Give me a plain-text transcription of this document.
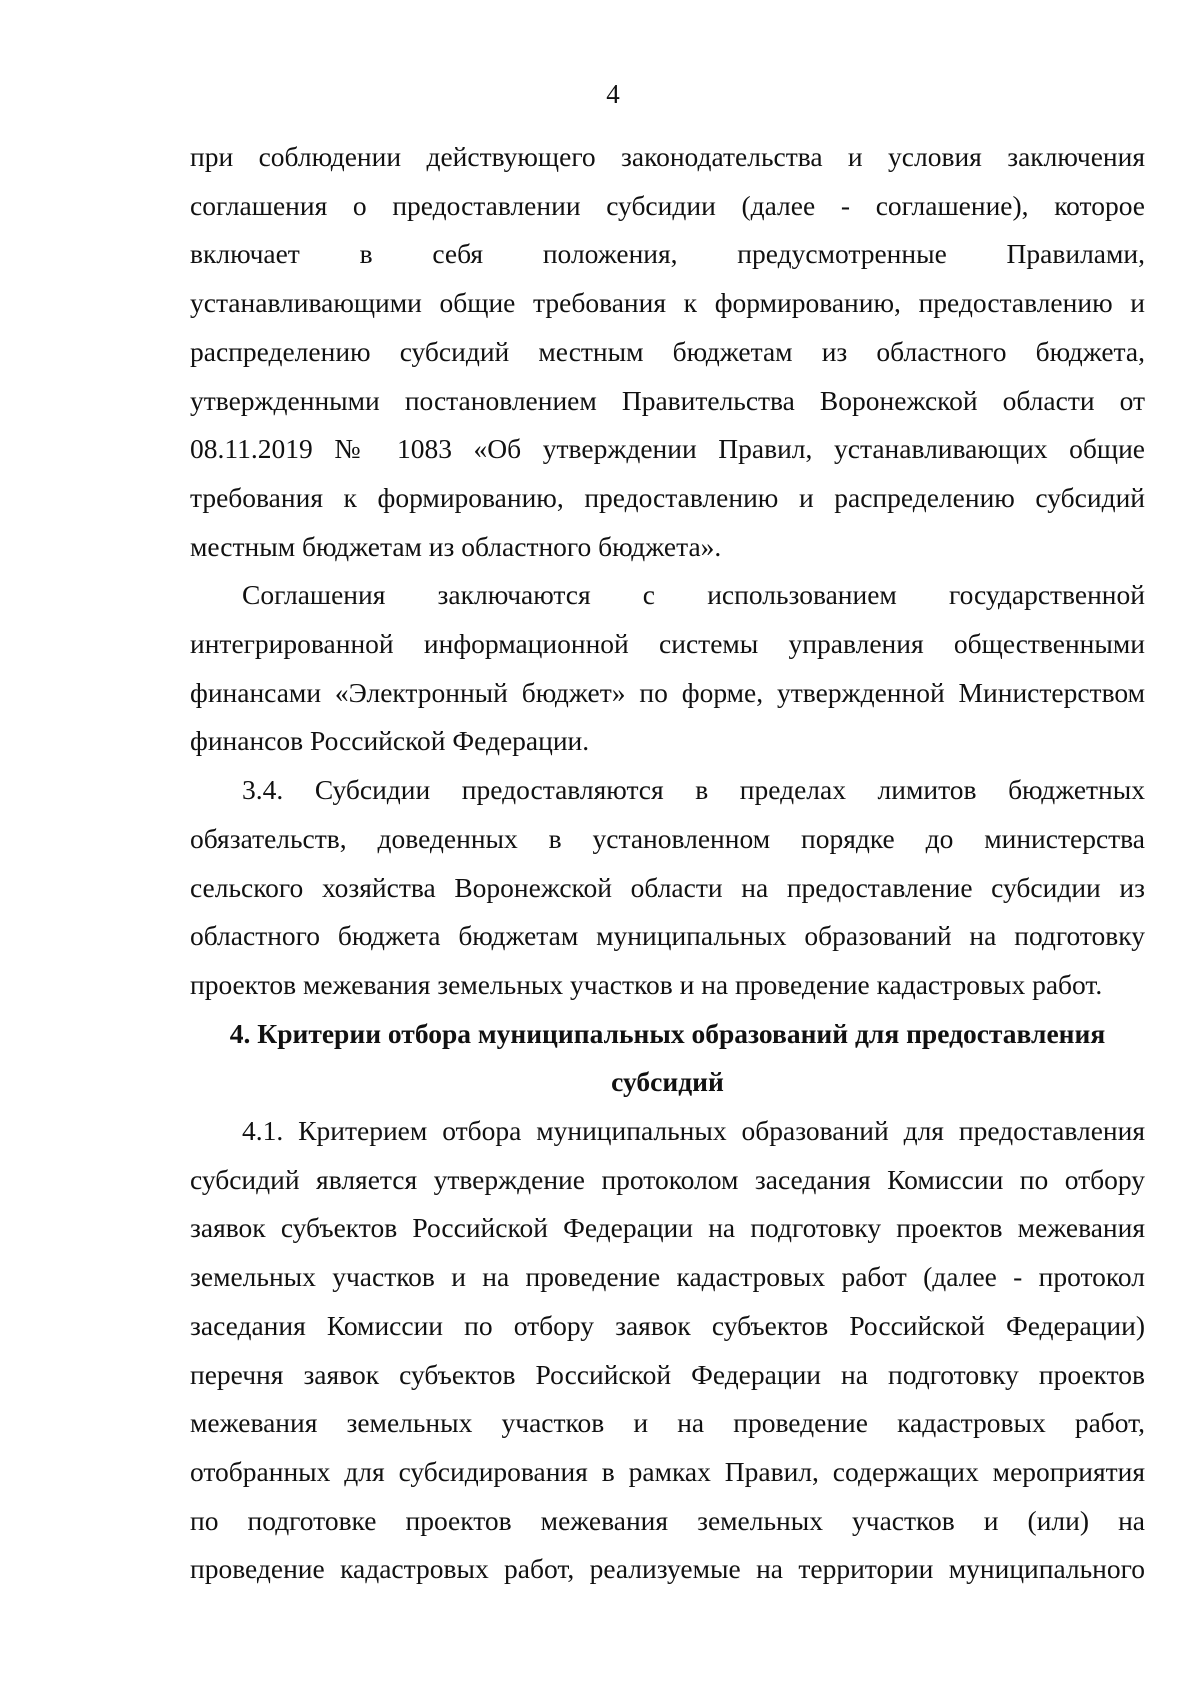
4

при соблюдении действующего законодательства и условия заключения
соглашения о предоставлении субсидии (далее - соглашение), которое
включает в себя положения, предусмотренные Правилами,
устанавливающими общие требования к формированию, предоставлению и
распределению субсидий местным бюджетам из областного бюджета,
утвержденными постановлением Правительства Воронежской области от
08.11.2019 № 1083 «Об утверждении Правил, устанавливающих общие
требования к формированию, предоставлению и распределению субсидий
местным бюджетам из областного бюджета».

Соглашения заключаются с использованием государственной
интегрированной информационной системы управления общественными
финансами «Электронный бюджет» по форме, утвержденной Министерством
финансов Российской Федерации.

3.4. Субсидии предоставляются в пределах лимитов бюджетных
обязательств, доведенных в установленном порядке до министерства
сельского хозяйства Воронежской области на предоставление субсидии из
областного бюджета бюджетам муниципальных образований на подготовку
проектов межевания земельных участков и на проведение кадастровых работ.

4. Критерии отбора муниципальных образований для предоставления
субсидий

4.1. Критерием отбора муниципальных образований для предоставления
субсидий является утверждение протоколом заседания Комиссии по отбору
заявок субъектов Российской Федерации на подготовку проектов межевания
земельных участков и на проведение кадастровых работ (далее - протокол
заседания Комиссии по отбору заявок субъектов Российской Федерации)
перечня заявок субъектов Российской Федерации на подготовку проектов
межевания земельных участков и на проведение кадастровых работ,
отобранных для субсидирования в рамках Правил, содержащих мероприятия
по подготовке проектов межевания земельных участков и (или) на
проведение кадастровых работ, реализуемые на территории муниципального
